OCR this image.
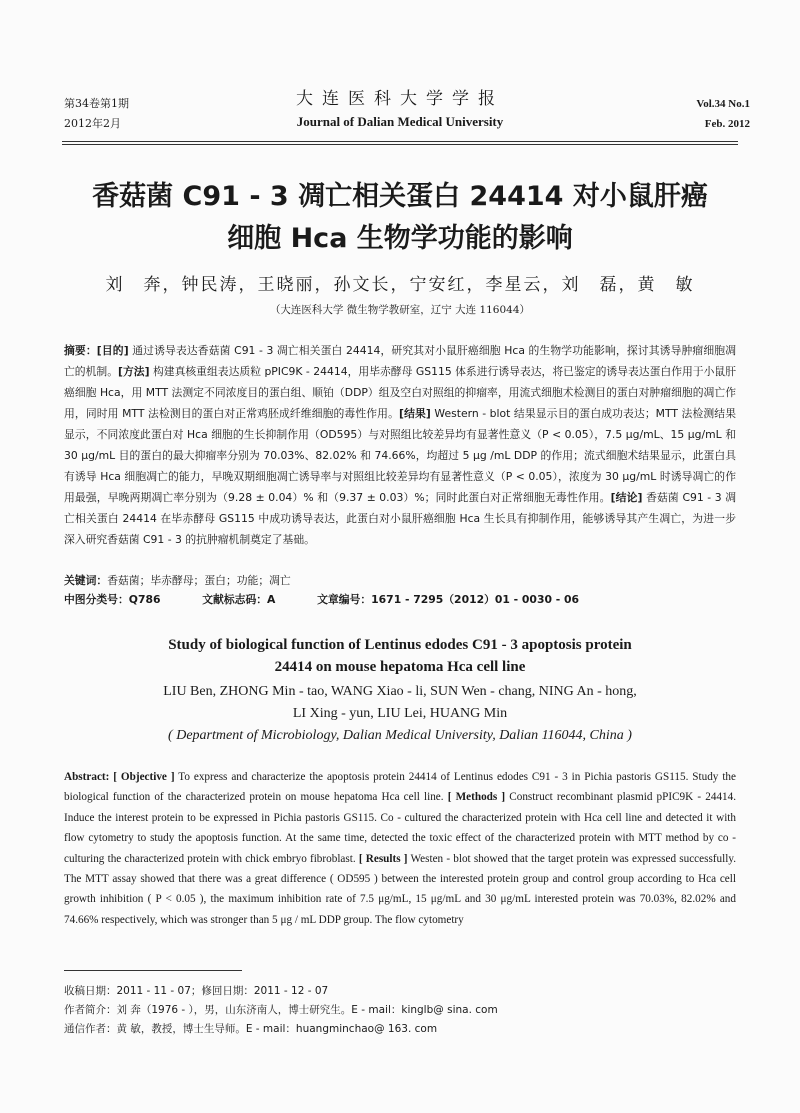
第34卷第1期
2012年2月
大连医科大学学报
Journal of Dalian Medical University
Vol.34 No.1
Feb. 2012
香菇菌 C91 - 3 凋亡相关蛋白 24414 对小鼠肝癌
细胞 Hca 生物学功能的影响
刘　奔，钟民涛，王晓丽，孙文长，宁安红，李星云，刘　磊，黄　敏
（大连医科大学 微生物学教研室，辽宁 大连 116044）
摘要：[目的] 通过诱导表达香菇菌 C91 - 3 凋亡相关蛋白 24414，研究其对小鼠肝癌细胞 Hca 的生物学功能影响，探讨其诱导肿瘤细胞凋亡的机制。[方法] 构建真核重组表达质粒 pPIC9K - 24414，用毕赤酵母 GS115 体系进行诱导表达，将已鉴定的诱导表达蛋白作用于小鼠肝癌细胞 Hca，用 MTT 法测定不同浓度目的蛋白组、顺铂（DDP）组及空白对照组的抑瘤率，用流式细胞术检测目的蛋白对肿瘤细胞的凋亡作用，同时用 MTT 法检测目的蛋白对正常鸡胚成纤维细胞的毒性作用。[结果] Western - blot 结果显示目的蛋白成功表达；MTT 法检测结果显示，不同浓度此蛋白对 Hca 细胞的生长抑制作用（OD595）与对照组比较差异均有显著性意义（P < 0.05），7.5 μg/mL、15 μg/mL 和 30 μg/mL 目的蛋白的最大抑瘤率分别为 70.03%、82.02% 和 74.66%，均超过 5 μg /mL DDP 的作用；流式细胞术结果显示，此蛋白具有诱导 Hca 细胞凋亡的能力，早晚双期细胞凋亡诱导率与对照组比较差异均有显著性意义（P < 0.05），浓度为 30 μg/mL 时诱导凋亡的作用最强，早晚两期凋亡率分别为（9.28 ± 0.04）% 和（9.37 ± 0.03）%；同时此蛋白对正常细胞无毒性作用。[结论] 香菇菌 C91 - 3 凋亡相关蛋白 24414 在毕赤酵母 GS115 中成功诱导表达，此蛋白对小鼠肝癌细胞 Hca 生长具有抑制作用，能够诱导其产生凋亡，为进一步深入研究香菇菌 C91 - 3 的抗肿瘤机制奠定了基础。
关键词：香菇菌；毕赤酵母；蛋白；功能；凋亡
中图分类号：Q786	文献标志码：A	文章编号：1671 - 7295（2012）01 - 0030 - 06
Study of biological function of Lentinus edodes C91 - 3 apoptosis protein
24414 on mouse hepatoma Hca cell line
LIU Ben, ZHONG Min - tao, WANG Xiao - li, SUN Wen - chang, NING An - hong,
LI Xing - yun, LIU Lei, HUANG Min
( Department of Microbiology, Dalian Medical University, Dalian 116044, China )
Abstract: [ Objective ] To express and characterize the apoptosis protein 24414 of Lentinus edodes C91 - 3 in Pichia pastoris GS115. Study the biological function of the characterized protein on mouse hepatoma Hca cell line. [ Methods ] Construct recombinant plasmid pPIC9K - 24414. Induce the interest protein to be expressed in Pichia pastoris GS115. Co - cultured the characterized protein with Hca cell line and detected it with flow cytometry to study the apoptosis function. At the same time, detected the toxic effect of the characterized protein with MTT method by co - culturing the characterized protein with chick embryo fibroblast. [ Results ] Westen - blot showed that the target protein was expressed successfully. The MTT assay showed that there was a great difference ( OD595 ) between the interested protein group and control group according to Hca cell growth inhibition ( P < 0.05 ), the maximum inhibition rate of 7.5 μg/mL, 15 μg/mL and 30 μg/mL interested protein was 70.03%, 82.02% and 74.66% respectively, which was stronger than 5 μg / mL DDP group. The flow cytometry
收稿日期：2011 - 11 - 07；修回日期：2011 - 12 - 07
作者简介：刘 奔（1976 - ），男，山东济南人，博士研究生。E - mail：kinglb@ sina. com
通信作者：黄 敏，教授，博士生导师。E - mail：huangminchao@ 163. com
